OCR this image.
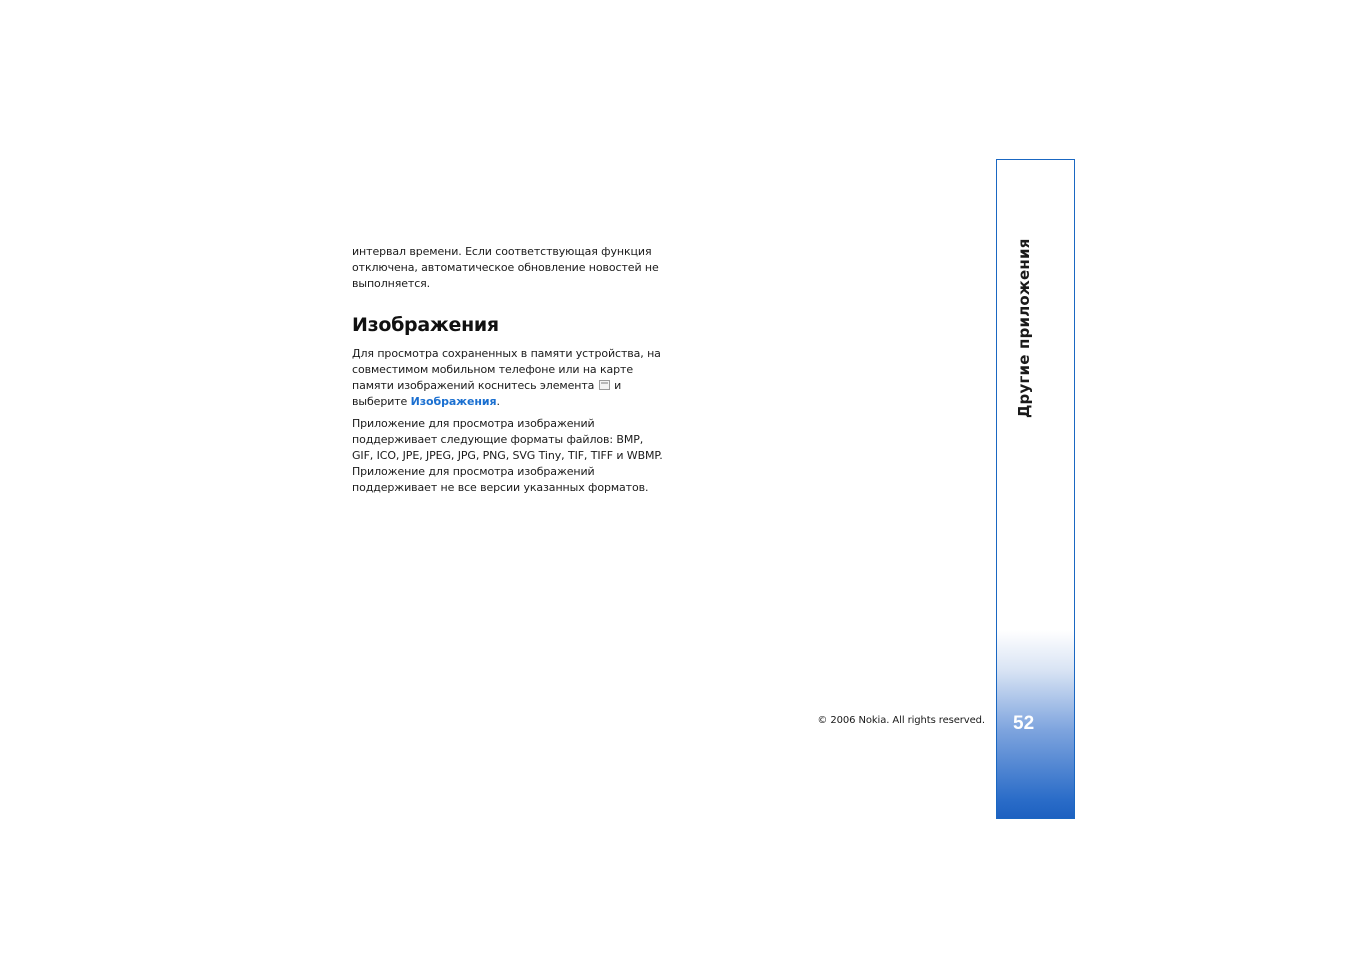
интервал времени. Если соответствующая функция отключена, автоматическое обновление новостей не выполняется.

Изображения

Для просмотра сохраненных в памяти устройства, на совместимом мобильном телефоне или на карте памяти изображений коснитесь элемента и выберите Изображения.

Приложение для просмотра изображений поддерживает следующие форматы файлов: BMP, GIF, ICO, JPE, JPEG, JPG, PNG, SVG Tiny, TIF, TIFF и WBMP. Приложение для просмотра изображений поддерживает не все версии указанных форматов.

© 2006 Nokia. All rights reserved.
Другие приложения
52
